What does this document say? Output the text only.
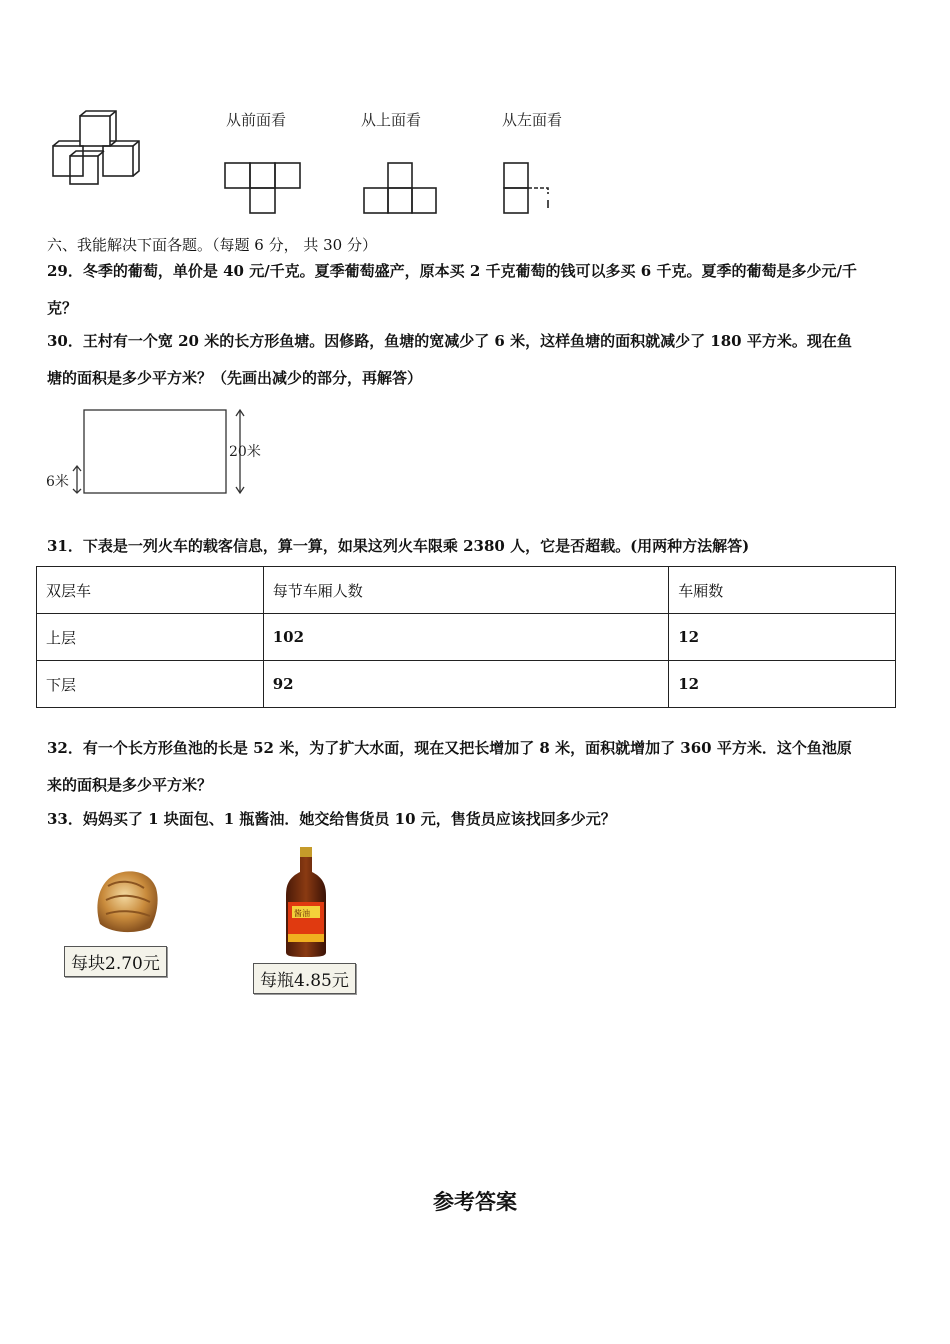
从前面看	从上面看	从左面看
六、我能解决下面各题。（每题 6 分， 共 30 分）
29．冬季的葡萄，单价是 40 元/千克。夏季葡萄盛产，原本买 2 千克葡萄的钱可以多买 6 千克。夏季的葡萄是多少元/千
克？
30．王村有一个宽 20 米的长方形鱼塘。因修路，鱼塘的宽减少了 6 米，这样鱼塘的面积就减少了 180 平方米。现在鱼
塘的面积是多少平方米？（先画出减少的部分，再解答）
20米
6米
31．下表是一列火车的载客信息，算一算，如果这列火车限乘 2380 人，它是否超载。(用两种方法解答)
双层车	每节车厢人数	车厢数
上层	102	12
下层	92	12
32．有一个长方形鱼池的长是 52 米，为了扩大水面，现在又把长增加了 8 米，面积就增加了 360 平方米．这个鱼池原
来的面积是多少平方米？
33．妈妈买了 1 块面包、1 瓶酱油．她交给售货员 10 元，售货员应该找回多少元？
每块2.70元
酱油
每瓶4.85元
参考答案
